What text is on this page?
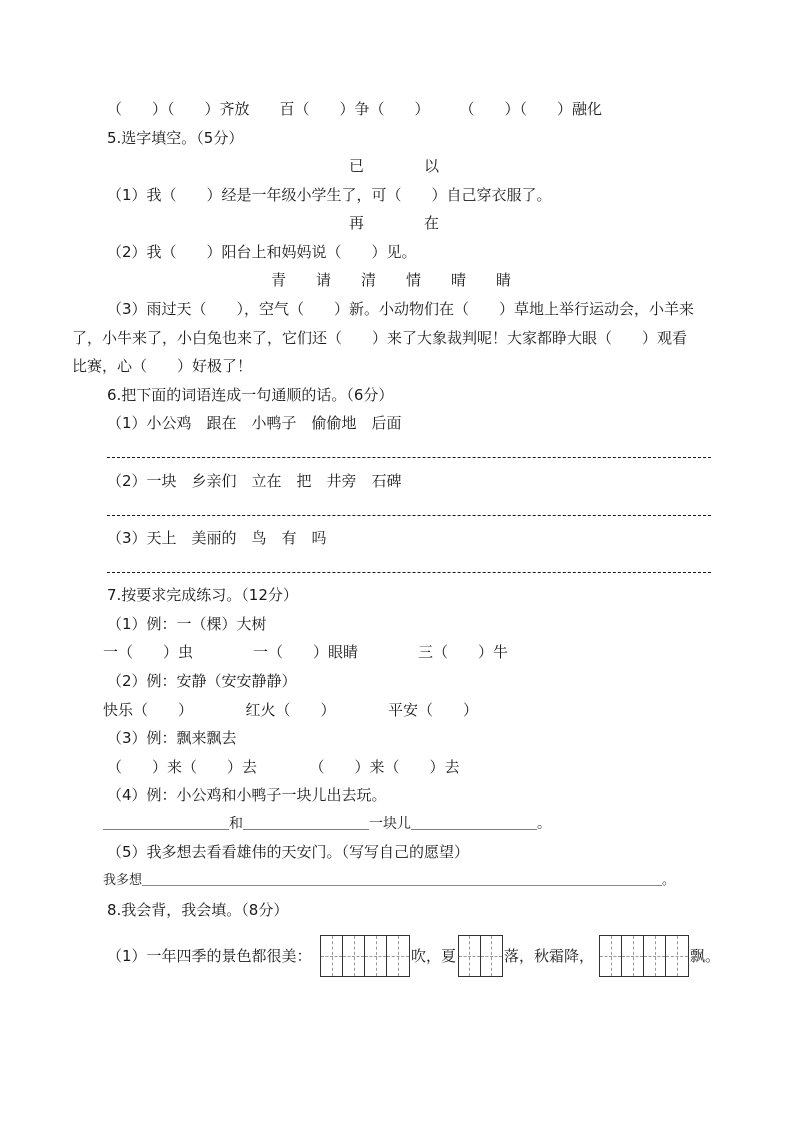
（　　）（　　）齐放　　百（　　）争（　　）　　　（　　）（　　）融化
5.选字填空。（5分）
已　　　　以
（1）我（　　）经是一年级小学生了，可（　　）自己穿衣服了。
再　　　　在
（2）我（　　）阳台上和妈妈说（　　）见。
青　　请　　清　　情　　晴　　睛
（3）雨过天（　　），空气（　　）新。小动物们在（　　）草地上举行运动会，小羊来
了，小牛来了，小白兔也来了，它们还（　　）来了大象裁判呢！大家都睁大眼（　　）观看
比赛，心（　　）好极了！
6.把下面的词语连成一句通顺的话。（6分）
（1）小公鸡　跟在　小鸭子　偷偷地　后面
（2）一块　乡亲们　立在　把　井旁　石碑
（3）天上　美丽的　鸟　有　吗
7.按要求完成练习。（12分）
（1）例：一（棵）大树
一（　　）虫　　　　一（　　）眼睛　　　　三（　　）牛
（2）例：安静（安安静静）
快乐（　　）　　　　红火（　　）　　　　平安（　　）
（3）例：飘来飘去
（　　）来（　　）去　　　　（　　）来（　　）去
（4）例：小公鸡和小鸭子一块儿出去玩。
＿＿＿＿＿＿＿＿＿和＿＿＿＿＿＿＿＿＿一块儿＿＿＿＿＿＿＿＿＿。
（5）我多想去看看雄伟的天安门。（写写自己的愿望）
我多想＿＿＿＿＿＿＿＿＿＿＿＿＿＿＿＿＿＿＿＿＿＿＿＿＿＿＿＿＿＿＿＿＿＿＿＿＿＿＿＿。
8.我会背，我会填。（8分）
（1）一年四季的景色都很美：	吹，夏	落，秋霜降，	飘。
